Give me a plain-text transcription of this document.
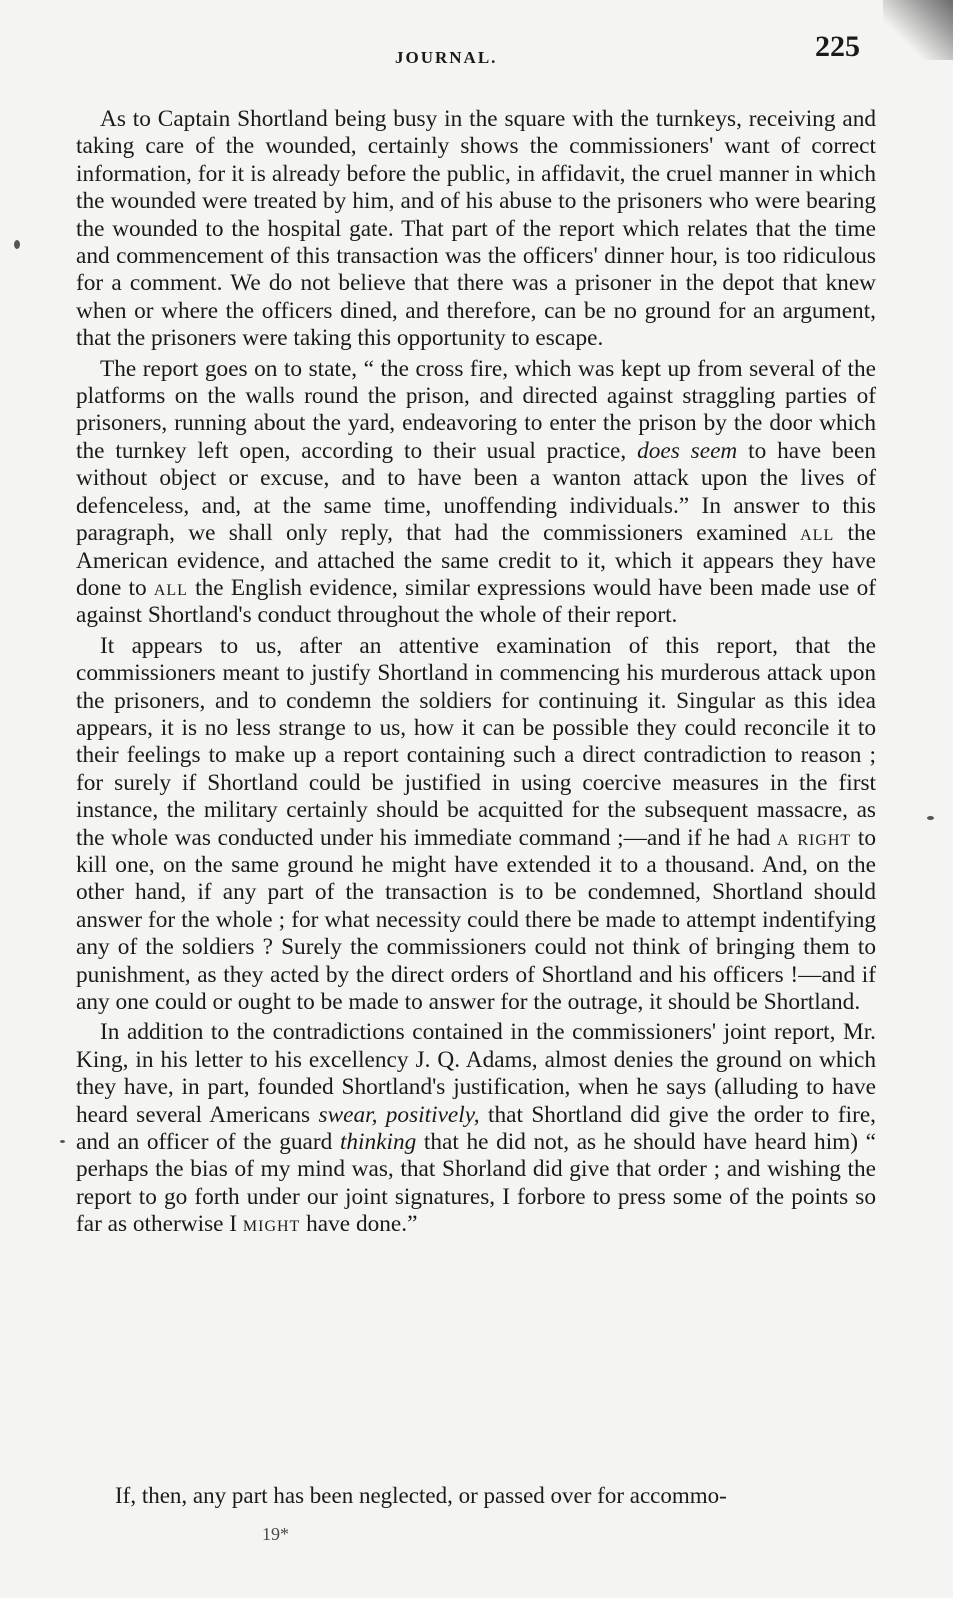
JOURNAL.	225

As to Captain Shortland being busy in the square with the turnkeys, receiving and taking care of the wounded, certainly shows the commissioners' want of correct information, for it is already before the public, in affidavit, the cruel manner in which the wounded were treated by him, and of his abuse to the prisoners who were bearing the wounded to the hospital gate. That part of the report which relates that the time and commencement of this transaction was the officers' dinner hour, is too ridiculous for a comment. We do not believe that there was a prisoner in the depot that knew when or where the officers dined, and therefore, can be no ground for an argument, that the prisoners were taking this opportunity to escape.

The report goes on to state, “ the cross fire, which was kept up from several of the platforms on the walls round the prison, and directed against straggling parties of prisoners, running about the yard, endeavoring to enter the prison by the door which the turnkey left open, according to their usual practice, does seem to have been without object or excuse, and to have been a wanton attack upon the lives of defenceless, and, at the same time, unoffending individuals.” In answer to this paragraph, we shall only reply, that had the commissioners examined all the American evidence, and attached the same credit to it, which it appears they have done to all the English evidence, similar expressions would have been made use of against Shortland's conduct throughout the whole of their report.

It appears to us, after an attentive examination of this report, that the commissioners meant to justify Shortland in commencing his murderous attack upon the prisoners, and to condemn the soldiers for continuing it. Singular as this idea appears, it is no less strange to us, how it can be possible they could reconcile it to their feelings to make up a report containing such a direct contradiction to reason ; for surely if Shortland could be justified in using coercive measures in the first instance, the military certainly should be acquitted for the subsequent massacre, as the whole was conducted under his immediate command ;—and if he had a right to kill one, on the same ground he might have extended it to a thousand. And, on the other hand, if any part of the transaction is to be condemned, Shortland should answer for the whole ; for what necessity could there be made to attempt indentifying any of the soldiers ? Surely the commissioners could not think of bringing them to punishment, as they acted by the direct orders of Shortland and his officers !—and if any one could or ought to be made to answer for the outrage, it should be Shortland.

In addition to the contradictions contained in the commissioners' joint report, Mr. King, in his letter to his excellency J. Q. Adams, almost denies the ground on which they have, in part, founded Shortland's justification, when he says (alluding to have heard several Americans swear, positively, that Shortland did give the order to fire, and an officer of the guard thinking that he did not, as he should have heard him) “ perhaps the bias of my mind was, that Shorland did give that order ; and wishing the report to go forth under our joint signatures, I forbore to press some of the points so far as otherwise I might have done.”

If, then, any part has been neglected, or passed over for accommo-
19*
